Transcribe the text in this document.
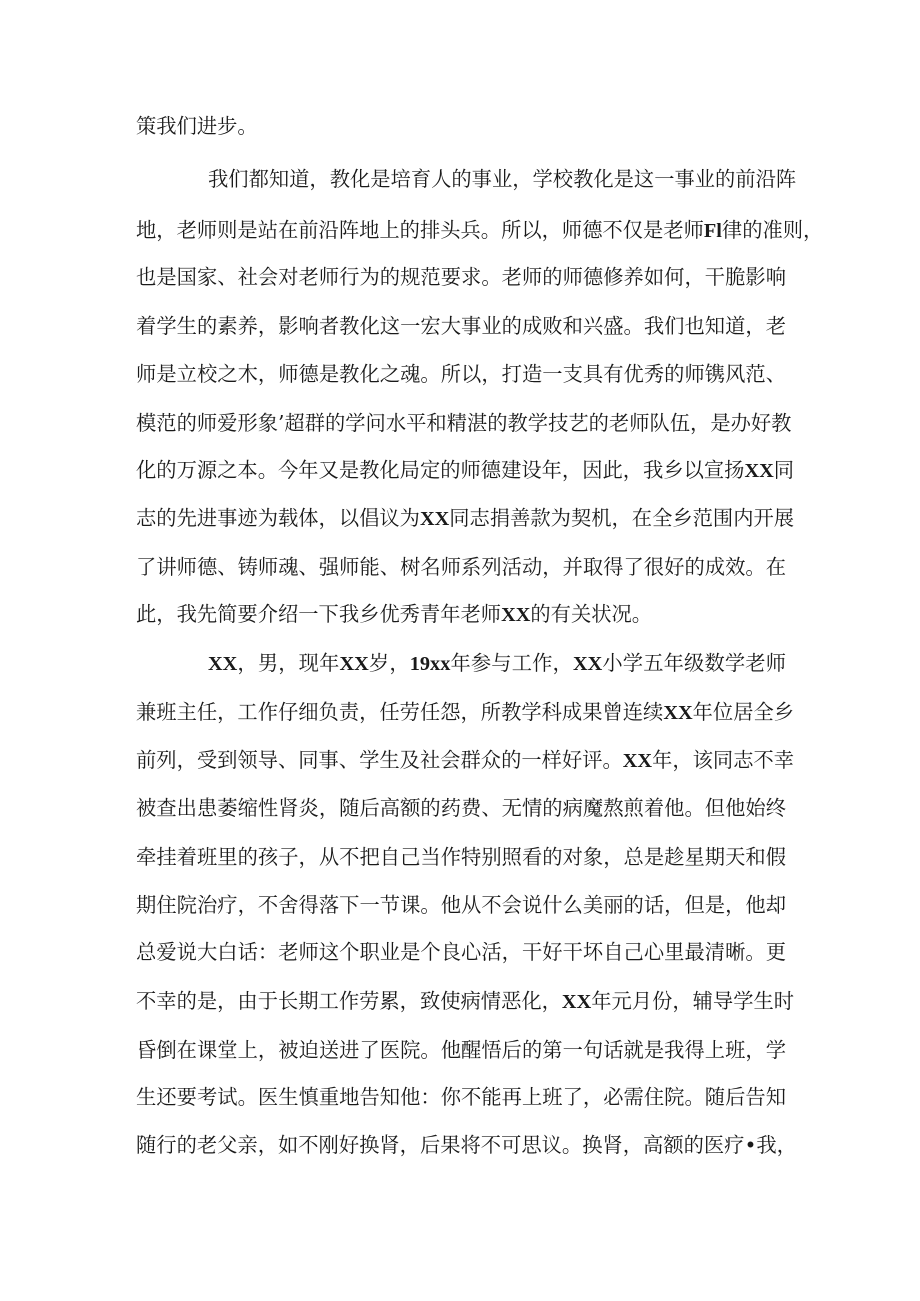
策我们进步。
我们都知道，教化是培育人的事业，学校教化是这一事业的前沿阵
地，老师则是站在前沿阵地上的排头兵。所以，师德不仅是老师Fl律的准则，
也是国家、社会对老师行为的规范要求。老师的师德修养如何，干脆影响
着学生的素养，影响者教化这一宏大事业的成败和兴盛。我们也知道，老
师是立校之木，师德是教化之魂。所以，打造一支具有优秀的师镌风范、
模范的师爱形象’超群的学问水平和精湛的教学技艺的老师队伍，是办好教
化的万源之本。今年又是教化局定的师德建设年，因此，我乡以宣扬XX同
志的先进事迹为载体，以倡议为XX同志捐善款为契机，在全乡范围内开展
了讲师德、铸师魂、强师能、树名师系列活动，并取得了很好的成效。在
此，我先简要介绍一下我乡优秀青年老师XX的有关状况。
XX，男，现年XX岁，19xx年参与工作，XX小学五年级数学老师
兼班主任，工作仔细负责，任劳任怨，所教学科成果曾连续XX年位居全乡
前列，受到领导、同事、学生及社会群众的一样好评。XX年，该同志不幸
被查出患萎缩性肾炎，随后高额的药费、无情的病魔熬煎着他。但他始终
牵挂着班里的孩子，从不把自己当作特别照看的对象，总是趁星期天和假
期住院治疗，不舍得落下一节课。他从不会说什么美丽的话，但是，他却
总爱说大白话：老师这个职业是个良心活，干好干坏自己心里最清晰。更
不幸的是，由于长期工作劳累，致使病情恶化，XX年元月份，辅导学生时
昏倒在课堂上，被迫送进了医院。他醒悟后的第一句话就是我得上班，学
生还要考试。医生慎重地告知他：你不能再上班了，必需住院。随后告知
随行的老父亲，如不刚好换肾，后果将不可思议。换肾，高额的医疗•我，
